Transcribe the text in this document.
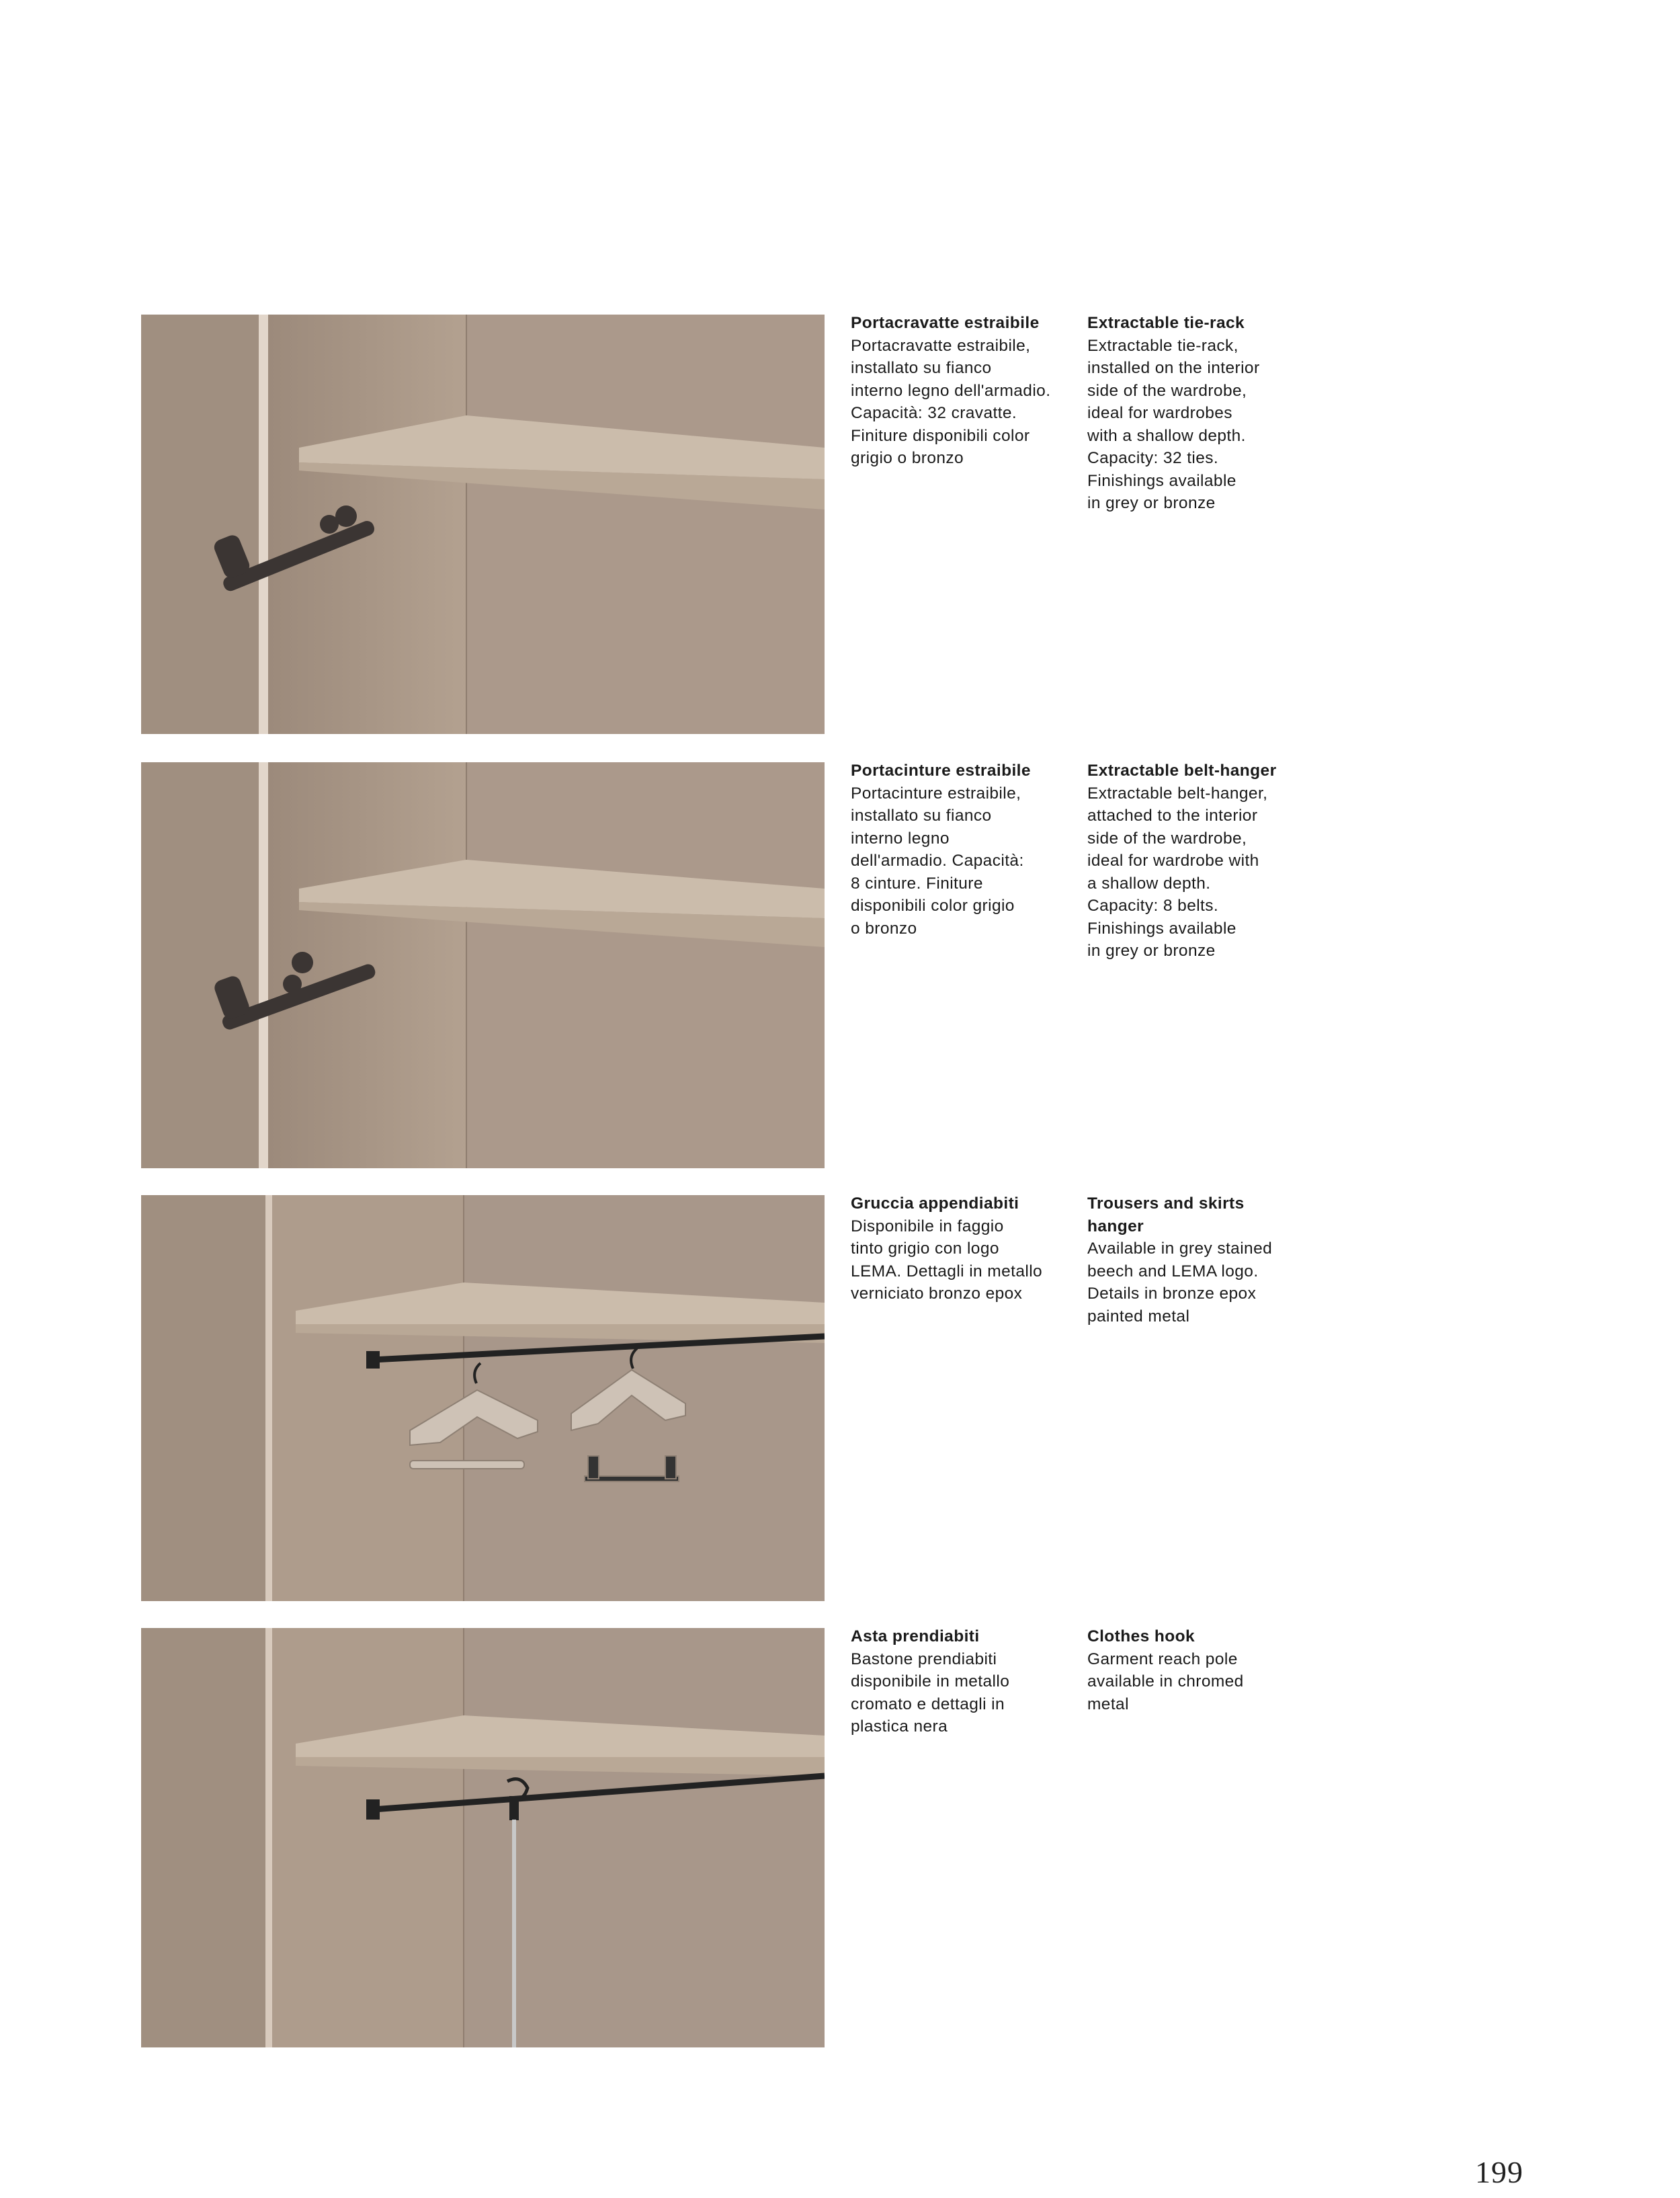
Portacravatte estraibile
Portacravatte estraibile,
installato su fianco
interno legno dell'armadio.
Capacità: 32 cravatte.
Finiture disponibili color
grigio o bronzo
Extractable tie-rack
Extractable tie-rack,
installed on the interior
side of the wardrobe,
ideal for wardrobes
with a shallow depth.
Capacity: 32 ties.
Finishings available
in grey or bronze
Portacinture estraibile
Portacinture estraibile,
installato su fianco
interno legno
dell'armadio. Capacità:
8 cinture. Finiture
disponibili color grigio
o bronzo
Extractable belt-hanger
Extractable belt-hanger,
attached to the interior
side of the wardrobe,
ideal for wardrobe with
a shallow depth.
Capacity: 8 belts.
Finishings available
in grey or bronze
Gruccia appendiabiti
Disponibile in faggio
tinto grigio con logo
LEMA. Dettagli in metallo
verniciato bronzo epox
Trousers and skirts
hanger
Available in grey stained
beech and LEMA logo.
Details in bronze epox
painted metal
Asta prendiabiti
Bastone prendiabiti
disponibile in metallo
cromato e dettagli in
plastica nera
Clothes hook
Garment reach pole
available in chromed
metal
199
